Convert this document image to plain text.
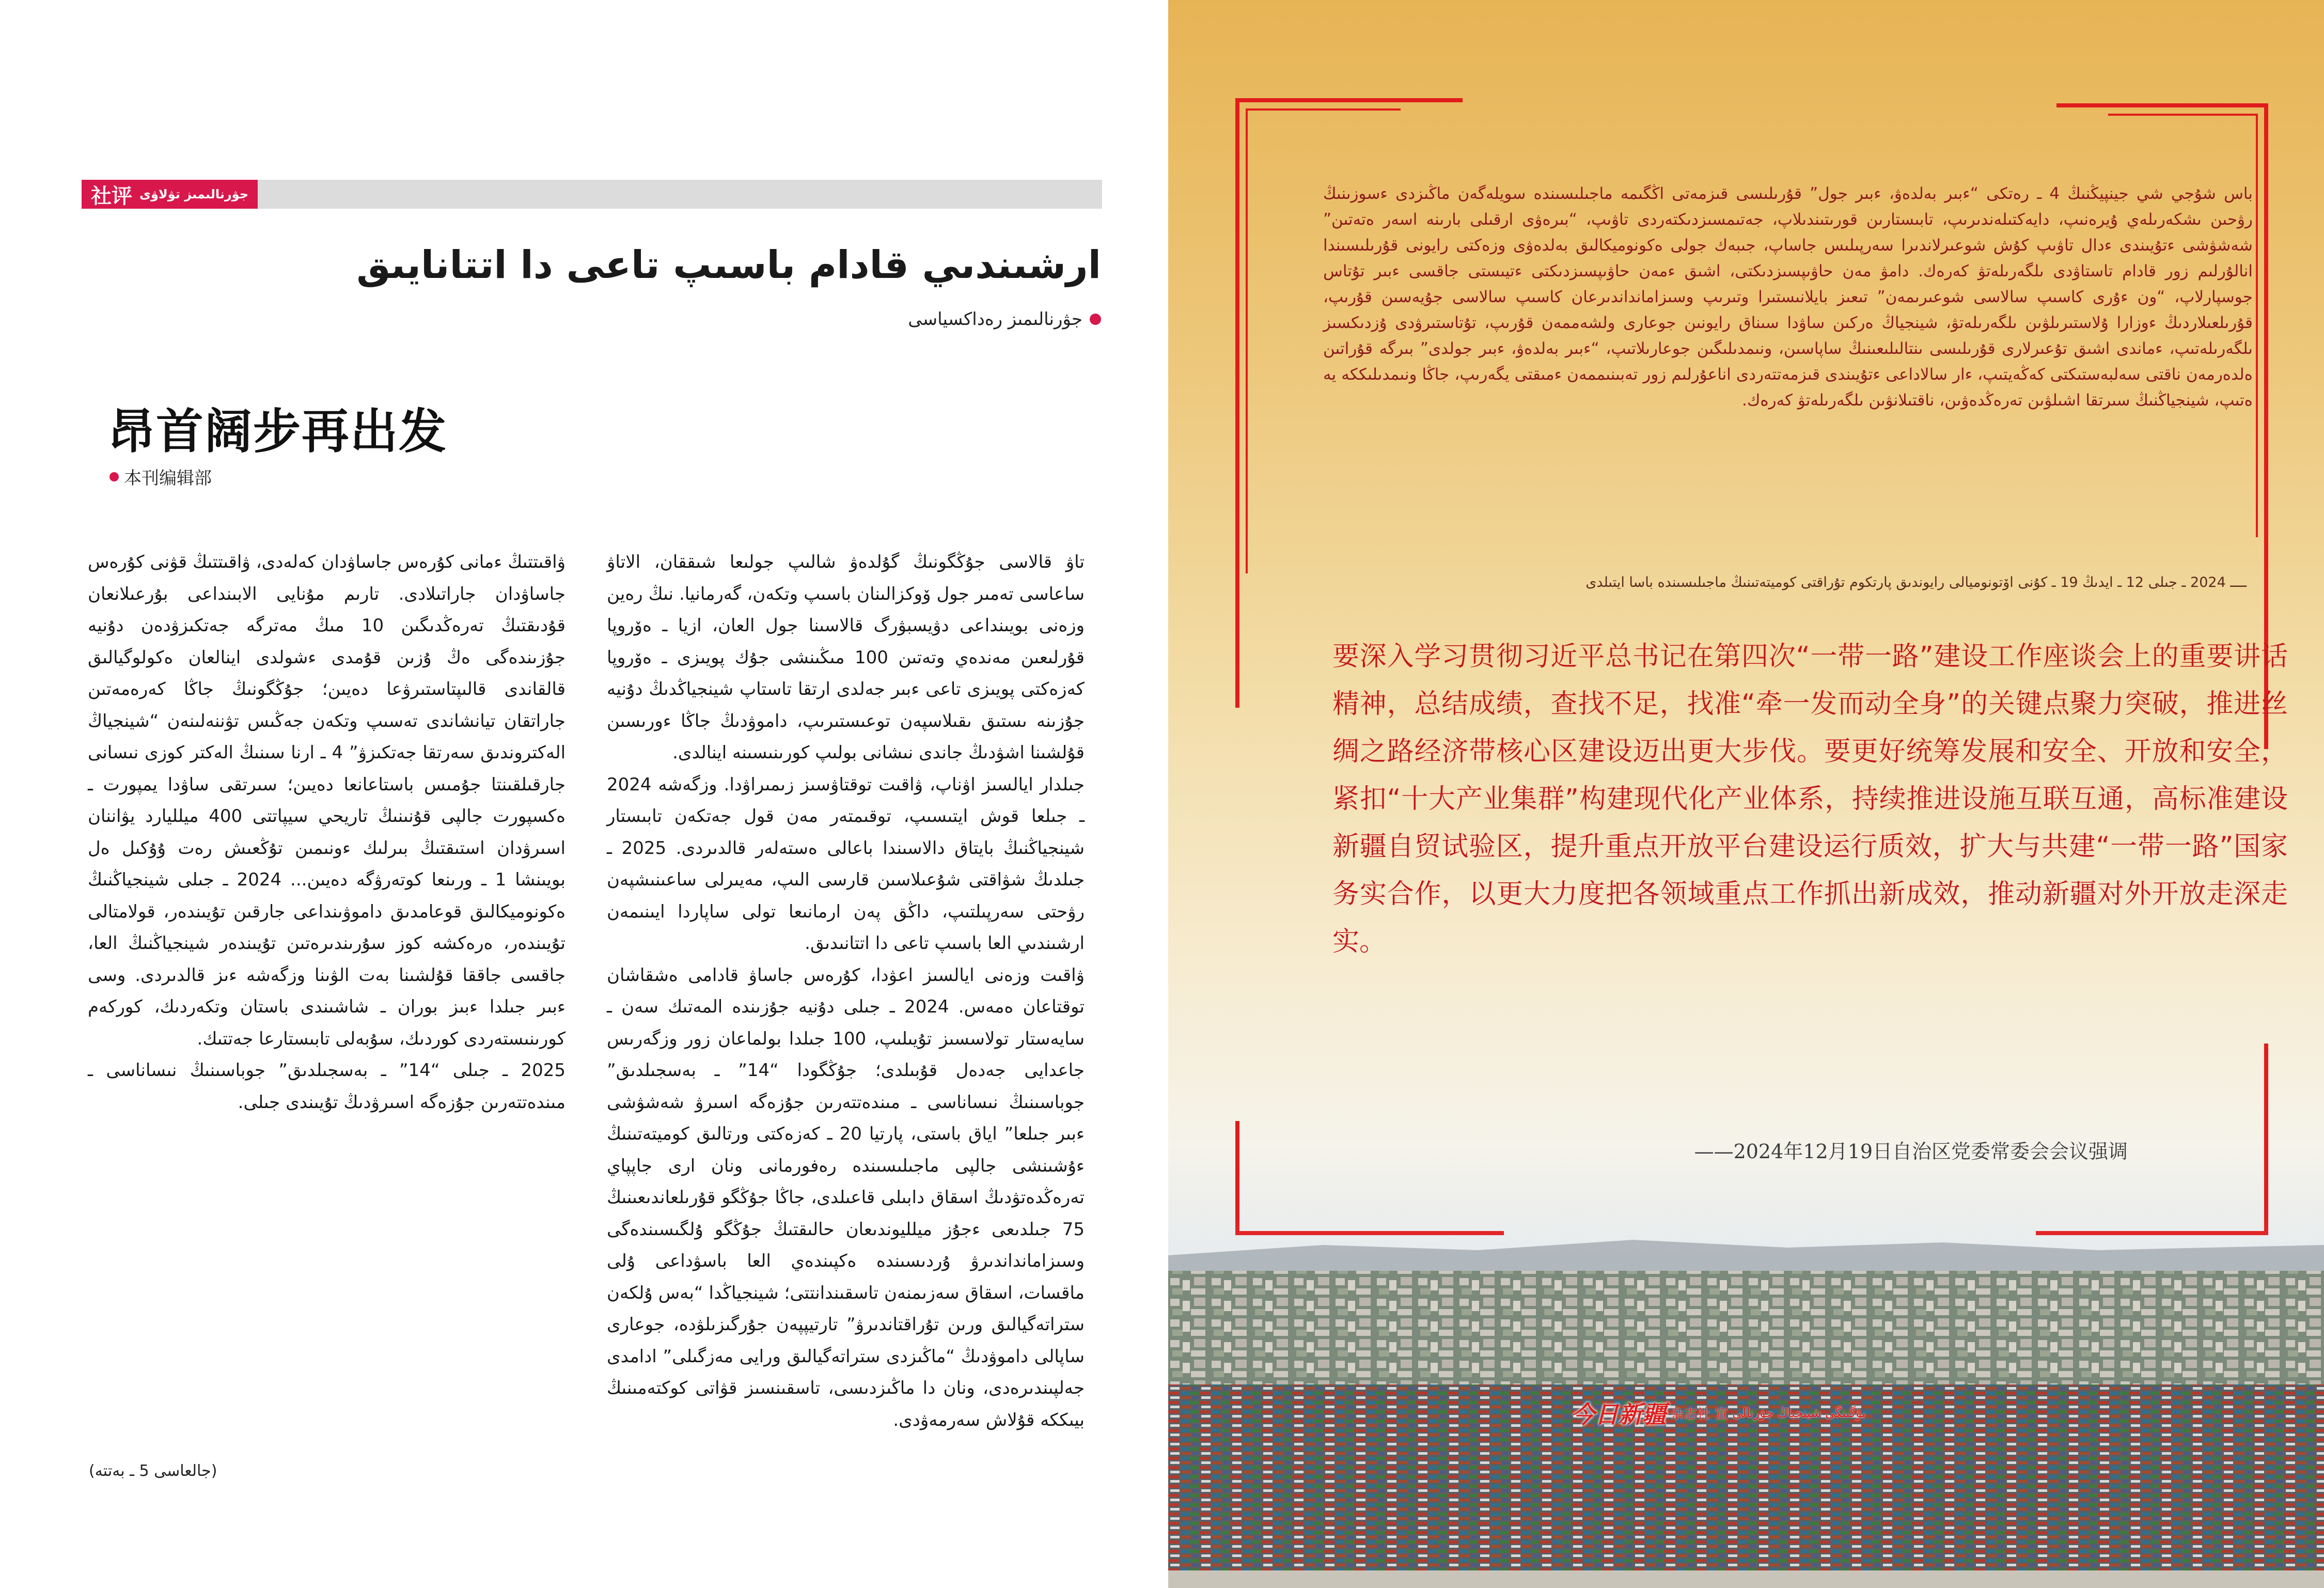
社评 جۋرنالىمىز تۋلاۋى
ارشىندىي قادام باسىپ تاعى دا اتتانايىق
جۋرنالىمىز رەداكسياسى
昂首阔步再出发
本刊编辑部

تاۋ قالاسى جۇڭگونىڭ گۇلدەۋ شالىپ جولىعا شىققان، الاتاۋ ساعاسى تەمىر جول ۆوكزالىنان باسىپ وتكەن، گەرمانيا. نىڭ رەين وزەنى بويىنداعى دۋيسبۋرگ قالاسىنا جول العان، ازيا ـ ەۆروپا قۇرلىعىن مەندەي وتەتىن 100 مىڭىنشى جۇك پويىزى ـ ەۆروپا كەزەكتى پويىزى تاعى ءبىر جەلدى ارتقا تاستاپ شينجياڭدىڭ دۇنيە جۇزىنە ىستىق ىقىلاسپەن توعىستىرىپ، داموۋدىڭ جاڭا ءورىسىن قۇلشىنا اشۋدىڭ جاندى نىشانى بولىپ كورىنىسىنە اينالدى.

جىلدار ايالسىز اۋناپ، ۋاقىت توقتاۋسىز زىمىراۋدا. وزگەشە 2024 ـ جىلعا قوش ايتىسىپ، توقىمتەر مەن قول جەتكەن تابىستار شينجياڭنىڭ بايتاق دالاسىندا باعالى ەستەلەر قالدىردى. 2025 ـ جىلدىڭ شۋاقتى شۇعىلاسىن قارسى الىپ، مەيىرلى ساعىنىشپەن رۋحتى سەرپىلتىپ، داڭق پەن ارمانىعا تولى ساپاردا ايىنىمەن ارشىندىي العا باسىپ تاعى دا اتتانىدىق.

ۋاقىت وزەنى ايالسىز اعۋدا، كۇرەس جاساۋ قادامى ەشقاشان توقتاعان ەمەس. 2024 ـ جىلى دۇنيە جۇزىندە المەتىك سەن ـ سايەستار تولاسسىز تۇيىلىپ، 100 جىلدا بولماعان زور وزگەرىس جاعدايى جەدەل قۇبىلدى؛ جۇڭگودا “14” ـ بەسجىلدىق” جوباسىنىڭ نىساناسى ـ مىندەتتەرىن جۇزەگە اسىرۋ شەشۋشى ءبىر جىلعا” اياق باستى، پارتيا 20 ـ كەزەكتى ورتالىق كوميتەتىنىڭ ءۇشىنشى جالپى ماجىلىسىندە رەفورمانى ونان ارى جاپپاي تەرەڭدەتۋدىڭ اسقاق دابىلى قاعىلدى، جاڭا جۇڭگو قۇرىلعاندىعىنىڭ 75 جىلدىعى ءجۇز ميلليوندىعان حالىقتىڭ جۇڭگو ۇلگىسىندەگى وسىزامانداندىرۋ ۇردىسىندە ەكپىندەي العا باسۋداعى ۇلى ماقسات، اسقاق سەزىمنەن تاسقىندانتتى؛ شينجياڭدا “بەس ۇلكەن ستراتەگيالىق ورىن تۇراقتاندىرۋ” تارتيپپەن جۇرگىزىلۋدە، جوعارى ساپالى داموۋدىڭ “ماڭىزدى ستراتەگيالىق ورايى مەزگىلى” ادامدى جەلپىندىرەدى، ونان دا ماڭىزدىسى، تاسقىنسىز قۋاتى كوكتەمىنىڭ بيىككە قۇلاش سەرمەۋدى.

ۋاقىتتىڭ ءمانى كۇرەس جاساۋدان كەلەدى، ۋاقىتتىڭ قۋنى كۇرەس جاساۋدان جاراتىلادى. تارىم مۇنايى الابىنداعى بۇرعىلانعان قۇدىقتىڭ تەرەڭدىگىن 10 مىڭ مەترگە جەتكىزۋدەن دۇنيە جۇزىندەگى ەڭ ۇزىن قۇمدى ءشولدى اينالعان ەكولوگيالىق قالقاندى قالىپتاستىرۋعا دەيىن؛ جۇڭگونىڭ جاڭا كەرەمەتىن جاراتقان تيانشاندى تەسىپ وتكەن جەڭىس تۋننەلىنەن “شينجياڭ الەكتروندىق سەرتقا جەتكىزۋ” 4 ـ ارنا سىنىڭ الەكتر كوزى نىسانى جارقىلقىنتا جۇمىس باستاعانعا دەيىن؛ سىرتقى ساۋدا يمپورت ـ ەكسپورت جالپى قۇنىنىڭ تاريحي سيپاتتى 400 ميلليارد يۋاننان اسىرۋدان استىقتىڭ بىرلىك ءونىمىن تۇڭعىش رەت ۇۇكىل ەل بويىنشا 1 ـ ورىنعا كوتەرۋگە دەيىن... 2024 ـ جىلى شينجياڭنىڭ ەكونوميكالىق قوعامدىق داموۋىنداعى جارقىن تۇيىندەر، قولامتالى تۇيىندەر، ەرەكشە كوز سۇرىندىرەتىن تۇيىندەر شينجياڭنىڭ العا، جاقسى جاققا قۇلشىنا بەت الۋىنا وزگەشە ءىز قالدىردى. وسى ءبىر جىلدا ءبىز بوران ـ شاشىندى باستان وتكەردىك، كوركەم كورىنىستەردى كوردىك، سۇبەلى تابىستارعا جەتتىك.

2025 ـ جىلى “14” ـ بەسجىلدىق” جوباسىنىڭ نىساناسى ـ مىندەتتەرىن جۇزەگە اسىرۋدىڭ تۇيىندى جىلى.

(جالعاسى 5 ـ بەتتە)
باس شۇجي شي جينپيڭنىڭ 4 ـ رەتكى “ءبىر بەلدەۋ، ءبىر جول” قۇرىلىسى قىزمەتى اڭگىمە ماجىلىسىندە سويلەگەن ماڭىزدى ءسوزىنىڭ رۋحىن ىشكەرىلەي ۇيرەنىپ، دايەكتىلەندىرىپ، تابىستارىن قورىتىندىلاپ، جەتىمسىزدىكتەردى تاۋىپ، “بىرەۋى ارقىلى بارىنە اسەر ەتەتىن” شەشۋشى ءتۇيىندى ءدال تاۋىپ كۇش شوعىرلاندىرا سەرپىلىس جاساپ، جىبەك جولى ەكونوميكالىق بەلدەۋى وزەكتى رايونى قۇرىلىسىندا انالۇرلىم زور قادام تاستاۋدى ىلگەرىلەتۋ كەرەك. دامۋ مەن حاۋىپسىزدىكتى، اشىق ءمەن حاۋىپسىزدىكتى ءتيىستى جاقسى ءبىر تۇتاس جوسپارلاپ، “ون ءۇرى كاسىپ سالاسى شوعىرىمەن” تىعىز بايلانىستىرا وتىرىپ وسىزامانداندىرعان كاسىپ سالاسى جۇيەسىن قۇرىپ، قۇرىلعىلاردىڭ ءوزارا ۇلاستىرىلۋىن ىلگەرىلەتۋ، شينجياڭ ەركىن ساۋدا سىناق رايونىن جوعارى ولشەممەن قۇرىپ، تۇتاستىرۋدى ۇزدىكسىز ىلگەرىلەتىپ، ءماندى اشىق تۇعىرلارى قۇرىلىسى ىنتالىلىعىنىڭ ساپاسىن، ونىمدىلىگىن جوعارىلاتىپ، “ءبىر بەلدەۋ، ءبىر جولدى” بىرگە قۇراتىن ەلدەرمەن ناقتى سەلبەستىكتى كەڭەيتىپ، ءار سالاداعى ءتۇيىندى قىزمەتتەردى اناعۇرلىم زور تەبىنىممەن ءمىقتى يگەرىپ، جاڭا ونىمدىلىككە يە ەتىپ، شينجياڭنىڭ سىرتقا اشىلۋىن تەرەڭدەۋىن، ناقتىلانۋىن ىلگەرىلەتۋ كەرەك.
ــــ 2024 ـ جىلى 12 ـ ايدىڭ 19 ـ كۇنى اۆتونوميالى رايوندىق پارتكوم تۇراقتى كوميتەتىنىڭ ماجىلىسىندە باسا ايتىلدى
要深入学习贯彻习近平总书记在第四次“一带一路”建设工作座谈会上的重要讲话精神，总结成绩，查找不足，找准“牵一发而动全身”的关键点聚力突破，推进丝绸之路经济带核心区建设迈出更大步伐。要更好统筹发展和安全、开放和安全，紧扣“十大产业集群”构建现代化产业体系，持续推进设施互联互通，高标准建设新疆自贸试验区，提升重点开放平台建设运行质效，扩大与共建“一带一路”国家务实合作，以更大力度把各领域重点工作抓出新成效，推动新疆对外开放走深走实。
——2024年12月19日自治区党委常委会会议强调
今日新疆 杂志社 宣 بۇگىنگى شينجياڭ جۋرنالى
